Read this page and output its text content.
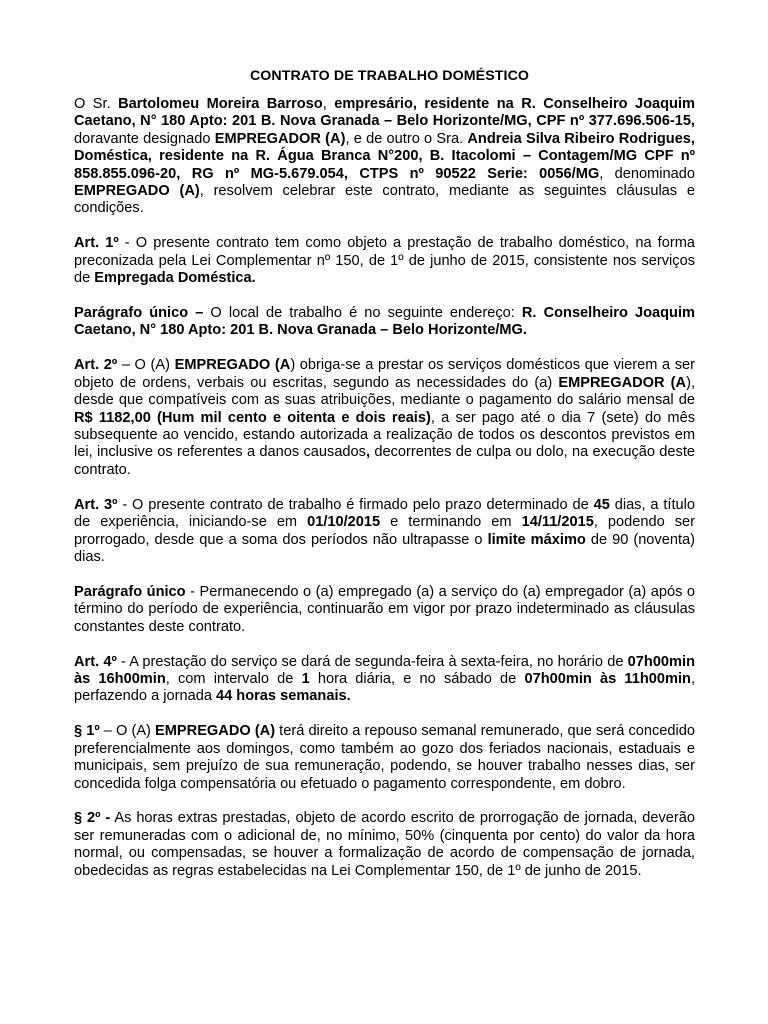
CONTRATO DE TRABALHO DOMÉSTICO

O Sr. Bartolomeu Moreira Barroso, empresário, residente na R. Conselheiro Joaquim Caetano, N° 180 Apto: 201 B. Nova Granada – Belo Horizonte/MG, CPF nº 377.696.506-15, doravante designado EMPREGADOR (A), e de outro o Sra. Andreia Silva Ribeiro Rodrigues, Doméstica, residente na R. Água Branca N°200, B. Itacolomi – Contagem/MG CPF nº 858.855.096-20, RG nº MG-5.679.054, CTPS nº 90522 Serie: 0056/MG, denominado EMPREGADO (A), resolvem celebrar este contrato, mediante as seguintes cláusulas e condições.

Art. 1º - O presente contrato tem como objeto a prestação de trabalho doméstico, na forma preconizada pela Lei Complementar nº 150, de 1º de junho de 2015, consistente nos serviços de Empregada Doméstica.

Parágrafo único – O local de trabalho é no seguinte endereço: R. Conselheiro Joaquim Caetano, N° 180 Apto: 201 B. Nova Granada – Belo Horizonte/MG.

Art. 2º – O (A) EMPREGADO (A) obriga-se a prestar os serviços domésticos que vierem a ser objeto de ordens, verbais ou escritas, segundo as necessidades do (a) EMPREGADOR (A), desde que compatíveis com as suas atribuições, mediante o pagamento do salário mensal de R$ 1182,00 (Hum mil cento e oitenta e dois reais), a ser pago até o dia 7 (sete) do mês subsequente ao vencido, estando autorizada a realização de todos os descontos previstos em lei, inclusive os referentes a danos causados, decorrentes de culpa ou dolo, na execução deste contrato.

Art. 3º - O presente contrato de trabalho é firmado pelo prazo determinado de 45 dias, a título de experiência, iniciando-se em 01/10/2015 e terminando em 14/11/2015, podendo ser prorrogado, desde que a soma dos períodos não ultrapasse o limite máximo de 90 (noventa) dias.

Parágrafo único - Permanecendo o (a) empregado (a) a serviço do (a) empregador (a) após o término do período de experiência, continuarão em vigor por prazo indeterminado as cláusulas constantes deste contrato.

Art. 4º - A prestação do serviço se dará de segunda-feira à sexta-feira, no horário de 07h00min às 16h00min, com intervalo de 1 hora diária, e no sábado de 07h00min às 11h00min, perfazendo a jornada 44 horas semanais.

§ 1º – O (A) EMPREGADO (A) terá direito a repouso semanal remunerado, que será concedido preferencialmente aos domingos, como também ao gozo dos feriados nacionais, estaduais e municipais, sem prejuízo de sua remuneração, podendo, se houver trabalho nesses dias, ser concedida folga compensatória ou efetuado o pagamento correspondente, em dobro.

§ 2º - As horas extras prestadas, objeto de acordo escrito de prorrogação de jornada, deverão ser remuneradas com o adicional de, no mínimo, 50% (cinquenta por cento) do valor da hora normal, ou compensadas, se houver a formalização de acordo de compensação de jornada, obedecidas as regras estabelecidas na Lei Complementar 150, de 1º de junho de 2015.
